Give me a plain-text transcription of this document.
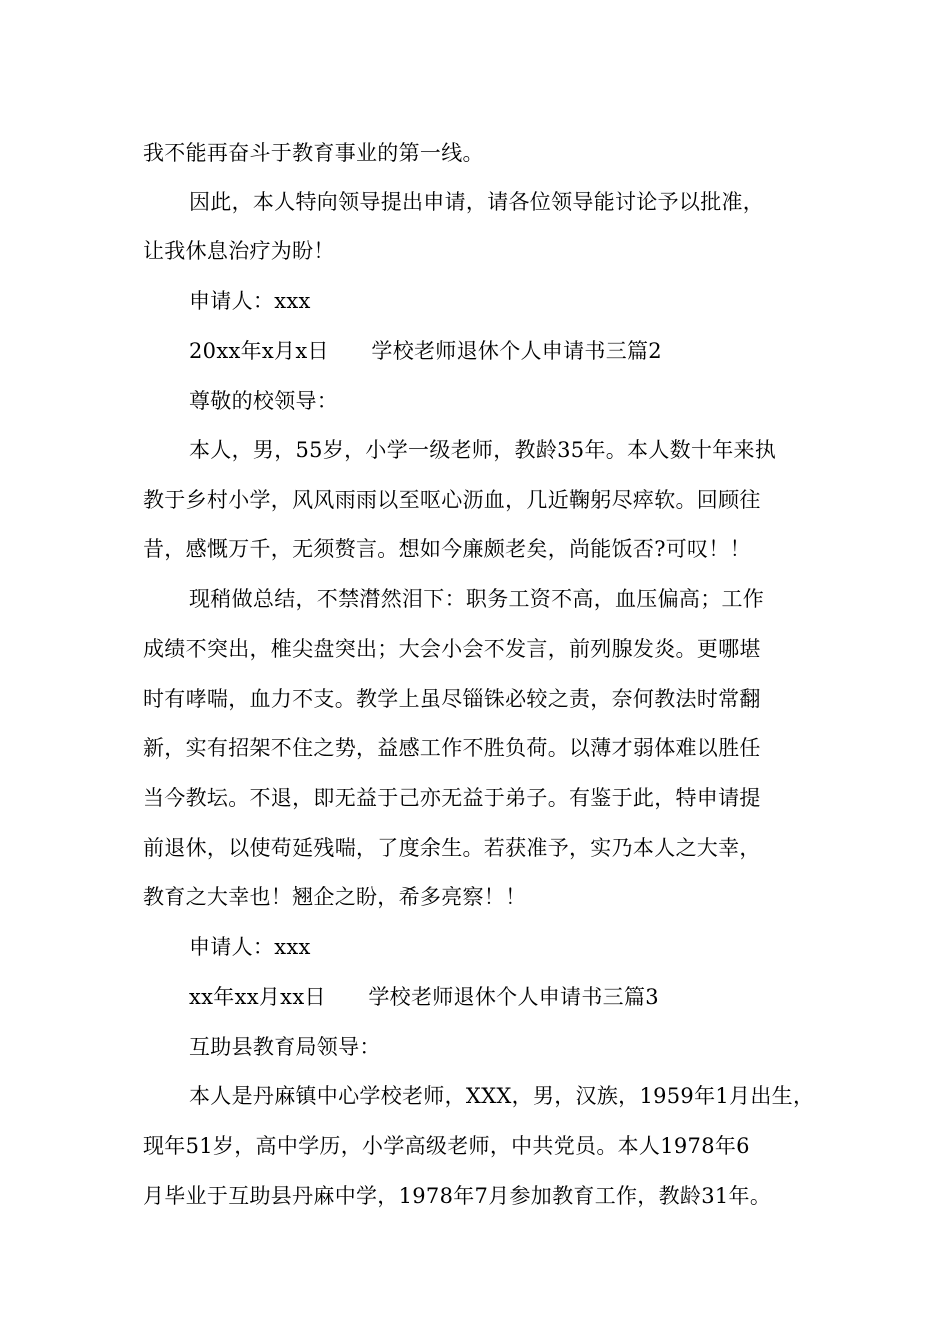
我不能再奋斗于教育事业的第一线。
因此，本人特向领导提出申请，请各位领导能讨论予以批准，
让我休息治疗为盼！
申请人：xxx
20xx年x月x日　　学校老师退休个人申请书三篇2
尊敬的校领导：
本人，男，55岁，小学一级老师，教龄35年。本人数十年来执
教于乡村小学，风风雨雨以至呕心沥血，几近鞠躬尽瘁软。回顾往
昔，感慨万千，无须赘言。想如今廉颇老矣，尚能饭否?可叹！！
现稍做总结，不禁潸然泪下：职务工资不高，血压偏高；工作
成绩不突出，椎尖盘突出；大会小会不发言，前列腺发炎。更哪堪
时有哮喘，血力不支。教学上虽尽锱铢必较之责，奈何教法时常翻
新，实有招架不住之势，益感工作不胜负荷。以薄才弱体难以胜任
当今教坛。不退，即无益于己亦无益于弟子。有鉴于此，特申请提
前退休，以使苟延残喘，了度余生。若获准予，实乃本人之大幸，
教育之大幸也！翘企之盼，希多亮察！！
申请人：xxx
xx年xx月xx日　　学校老师退休个人申请书三篇3
互助县教育局领导：
本人是丹麻镇中心学校老师，XXX，男，汉族，1959年1月出生，
现年51岁，高中学历，小学高级老师，中共党员。本人1978年6
月毕业于互助县丹麻中学，1978年7月参加教育工作，教龄31年。
